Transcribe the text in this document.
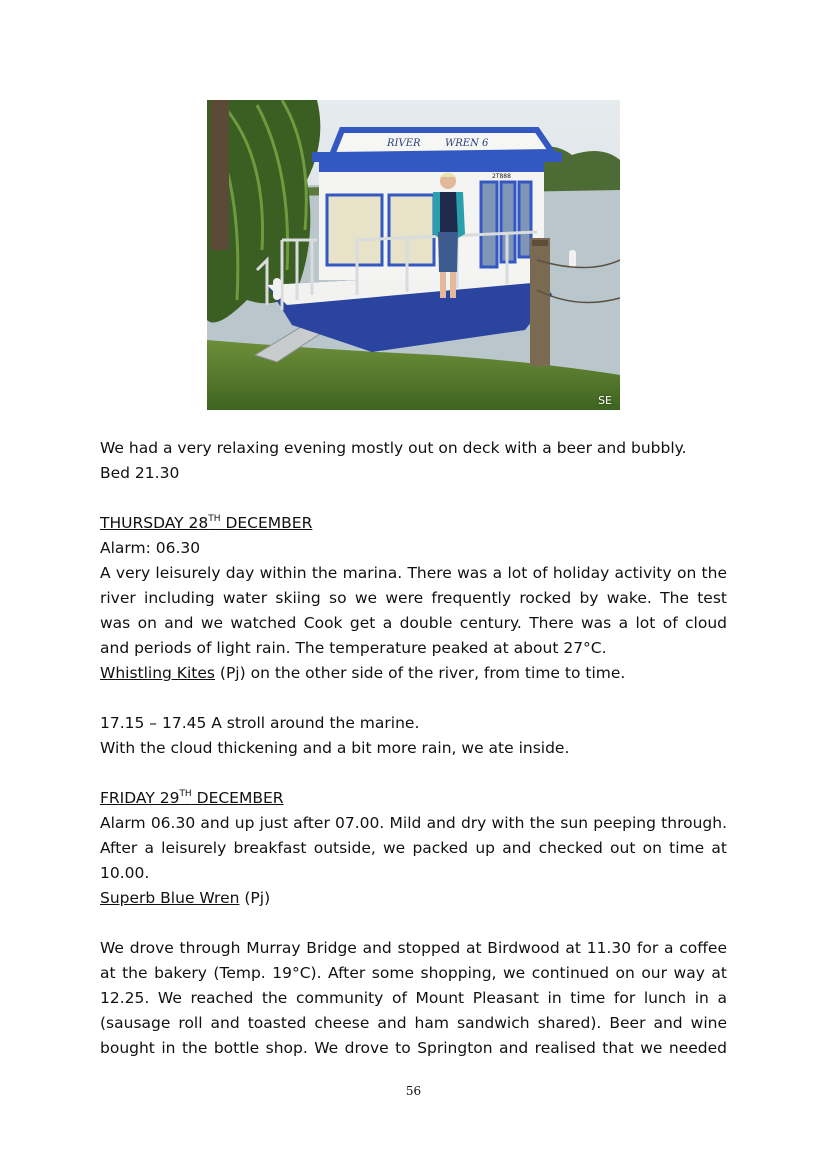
RIVER WREN 6
2T888
SE
We had a very relaxing evening mostly out on deck with a beer and bubbly.
Bed 21.30
THURSDAY 28TH DECEMBER
Alarm: 06.30
A very leisurely day within the marina. There was a lot of holiday activity on the
river including water skiing so we were frequently rocked by wake. The test
was on and we watched Cook get a double century. There was a lot of cloud
and periods of light rain. The temperature peaked at about 27°C.
Whistling Kites (Pj) on the other side of the river, from time to time.
17.15 – 17.45 A stroll around the marine.
With the cloud thickening and a bit more rain, we ate inside.
FRIDAY 29TH DECEMBER
Alarm 06.30 and up just after 07.00. Mild and dry with the sun peeping through.
After a leisurely breakfast outside, we packed up and checked out on time at
10.00.
Superb Blue Wren (Pj)
We drove through Murray Bridge and stopped at Birdwood at 11.30 for a coffee
at the bakery (Temp. 19°C). After some shopping, we continued on our way at
12.25. We reached the community of Mount Pleasant in time for lunch in a
(sausage roll and toasted cheese and ham sandwich shared). Beer and wine
bought in the bottle shop. We drove to Springton and realised that we needed
56
